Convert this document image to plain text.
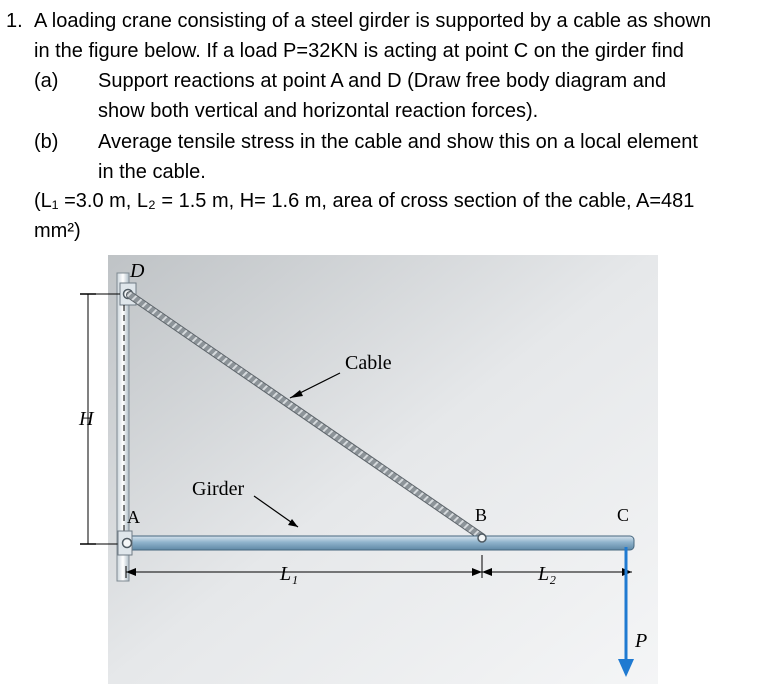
1. A loading crane consisting of a steel girder is supported by a cable as shown
in the figure below. If a load P=32KN is acting at point C on the girder find
(a) Support reactions at point A and D (Draw free body diagram and
show both vertical and horizontal reaction forces).
(b) Average tensile stress in the cable and show this on a local element
in the cable.
(L₁ =3.0 m, L₂ = 1.5 m, H= 1.6 m, area of cross section of the cable, A=481
mm²)
D
Cable
H
Girder
A	B	C
L₁	L₂
P
